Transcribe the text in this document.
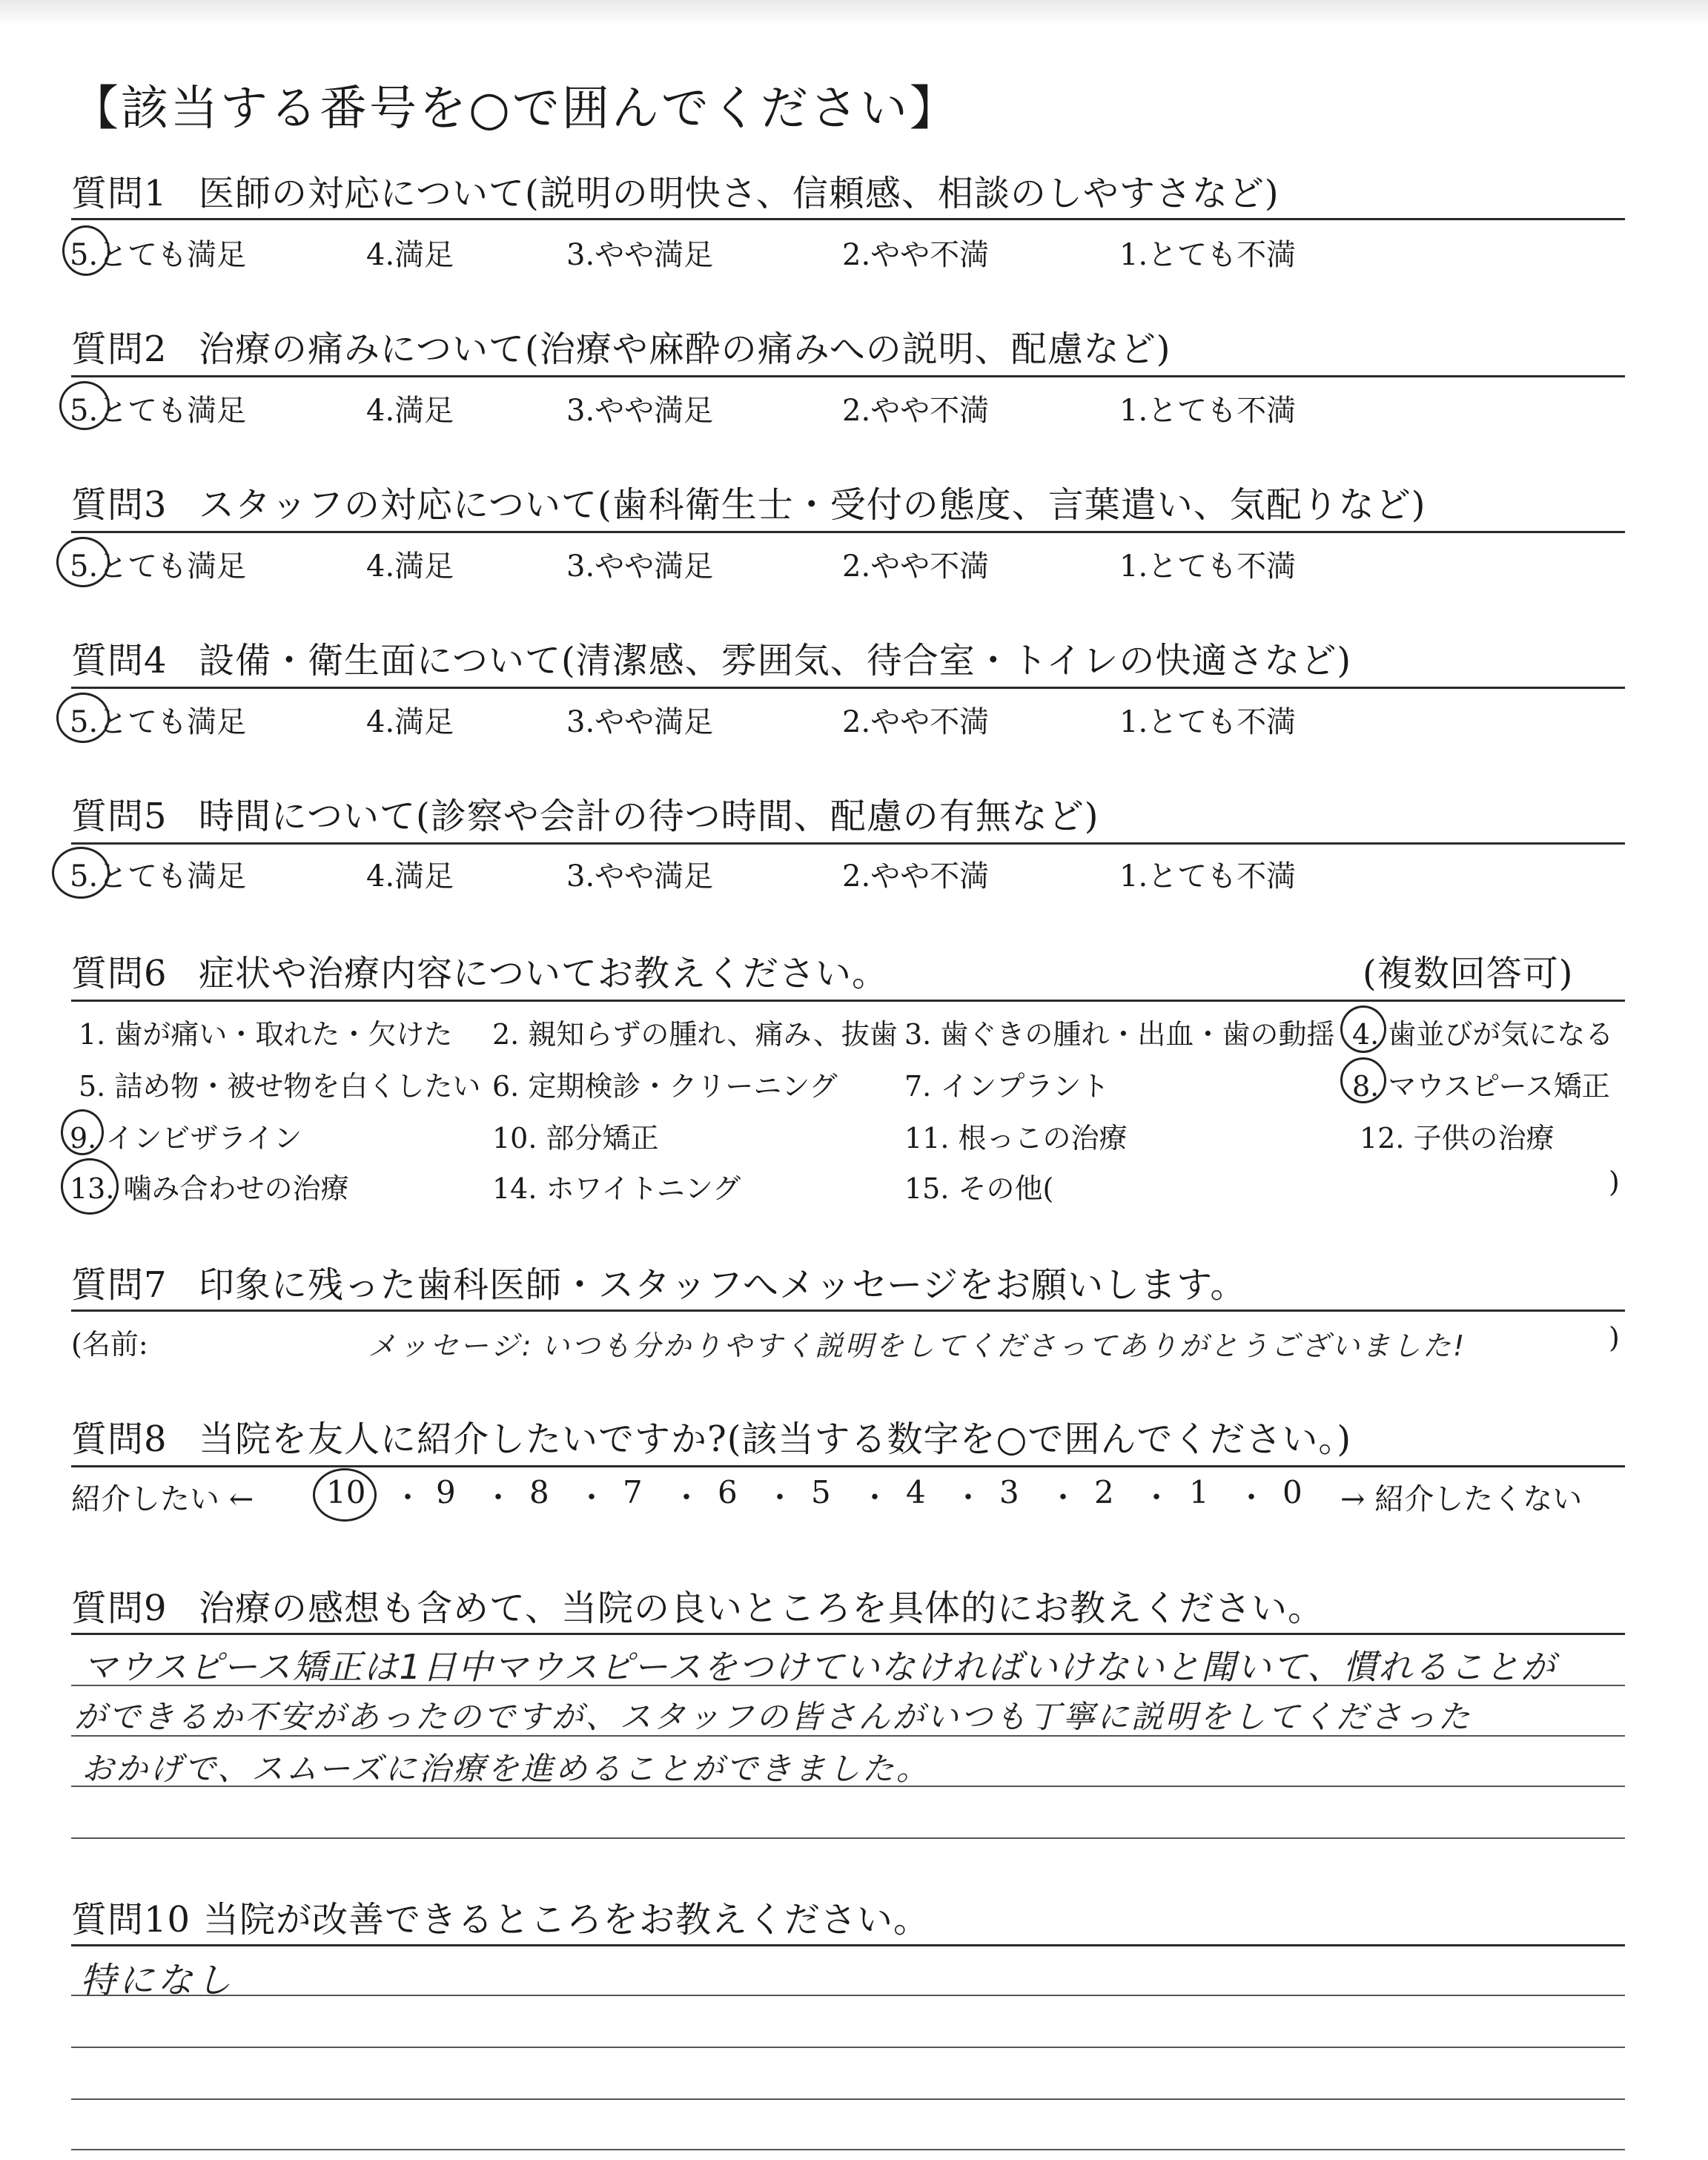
【該当する番号を○で囲んでください】
質問1 医師の対応について(説明の明快さ、信頼感、相談のしやすさなど)
5.とても満足	4.満足	3.やや満足	2.やや不満	1.とても不満
質問2 治療の痛みについて(治療や麻酔の痛みへの説明、配慮など)
5.とても満足	4.満足	3.やや満足	2.やや不満	1.とても不満
質問3 スタッフの対応について(歯科衛生士・受付の態度、言葉遣い、気配りなど)
5.とても満足	4.満足	3.やや満足	2.やや不満	1.とても不満
質問4 設備・衛生面について(清潔感、雰囲気、待合室・トイレの快適さなど)
5.とても満足	4.満足	3.やや満足	2.やや不満	1.とても不満
質問5 時間について(診察や会計の待つ時間、配慮の有無など)
5.とても満足	4.満足	3.やや満足	2.やや不満	1.とても不満
質問6 症状や治療内容についてお教えください。	(複数回答可)
1. 歯が痛い・取れた・欠けた 2. 親知らずの腫れ、痛み、抜歯 3. 歯ぐきの腫れ・出血・歯の動揺 4. 歯並びが気になる
5. 詰め物・被せ物を白くしたい 6. 定期検診・クリーニング 7. インプラント	8. マウスピース矯正
9. インビザライン	10. 部分矯正	11. 根っこの治療	12. 子供の治療
13. 噛み合わせの治療	14. ホワイトニング	15. その他(	)
質問7 印象に残った歯科医師・スタッフへメッセージをお願いします。
(名前:	メッセージ: いつも分かりやすく説明をしてくださってありがとうございました!	)
質問8 当院を友人に紹介したいですか?(該当する数字を○で囲んでください。)
紹介したい ←	→ 紹介したくない
10 9 8 7 6 5 4 3 2 1 0
・ ・ ・ ・ ・ ・ ・ ・ ・ ・
質問9 治療の感想も含めて、当院の良いところを具体的にお教えください。
マウスピース矯正は1日中マウスピースをつけていなければいけないと聞いて、慣れることが
ができるか不安があったのですが、スタッフの皆さんがいつも丁寧に説明をしてくださった
おかげで、スムーズに治療を進めることができました。
質問10 当院が改善できるところをお教えください。
特になし
